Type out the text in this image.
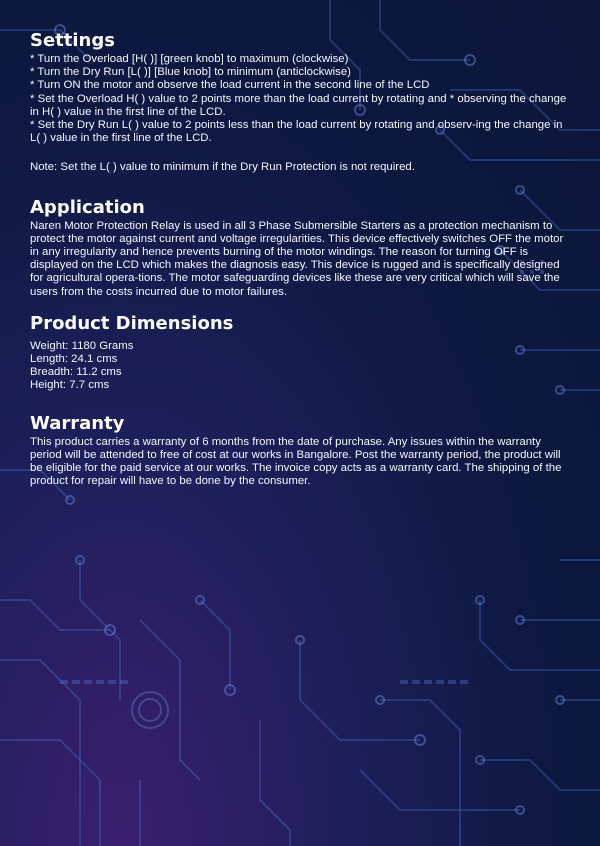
Settings
* Turn the Overload [H( )] [green knob] to maximum (clockwise)
* Turn the Dry Run [L( )] [Blue knob] to minimum (anticlockwise)
* Turn ON the motor and observe the load current in the second line of the LCD
* Set the Overload H( ) value to 2 points more than the load current by rotating and * observing the change in H( ) value in the first line of the LCD.
* Set the Dry Run L( ) value to 2 points less than the load current by rotating and observ-ing the change in L( ) value in the first line of the LCD.

Note: Set the L( ) value to minimum if the Dry Run Protection is not required.

Application

Naren Motor Protection Relay is used in all 3 Phase Submersible Starters as a protection mechanism to protect the motor against current and voltage irregularities. This device effectively switches OFF the motor in any irregularity and hence prevents burning of the motor windings. The reason for turning OFF is displayed on the LCD which makes the diagnosis easy. This device is rugged and is specifically designed for agricultural opera-tions. The motor safeguarding devices like these are very critical which will save the users from the costs incurred due to motor failures.

Product Dimensions

Weight: 1180 Grams

Length: 24.1 cms

Breadth: 11.2 cms

Height: 7.7 cms

Warranty

This product carries a warranty of 6 months from the date of purchase. Any issues within the warranty period will be attended to free of cost at our works in Bangalore. Post the warranty period, the product will be eligible for the paid service at our works. The invoice copy acts as a warranty card. The shipping of the product for repair will have to be done by the consumer.
